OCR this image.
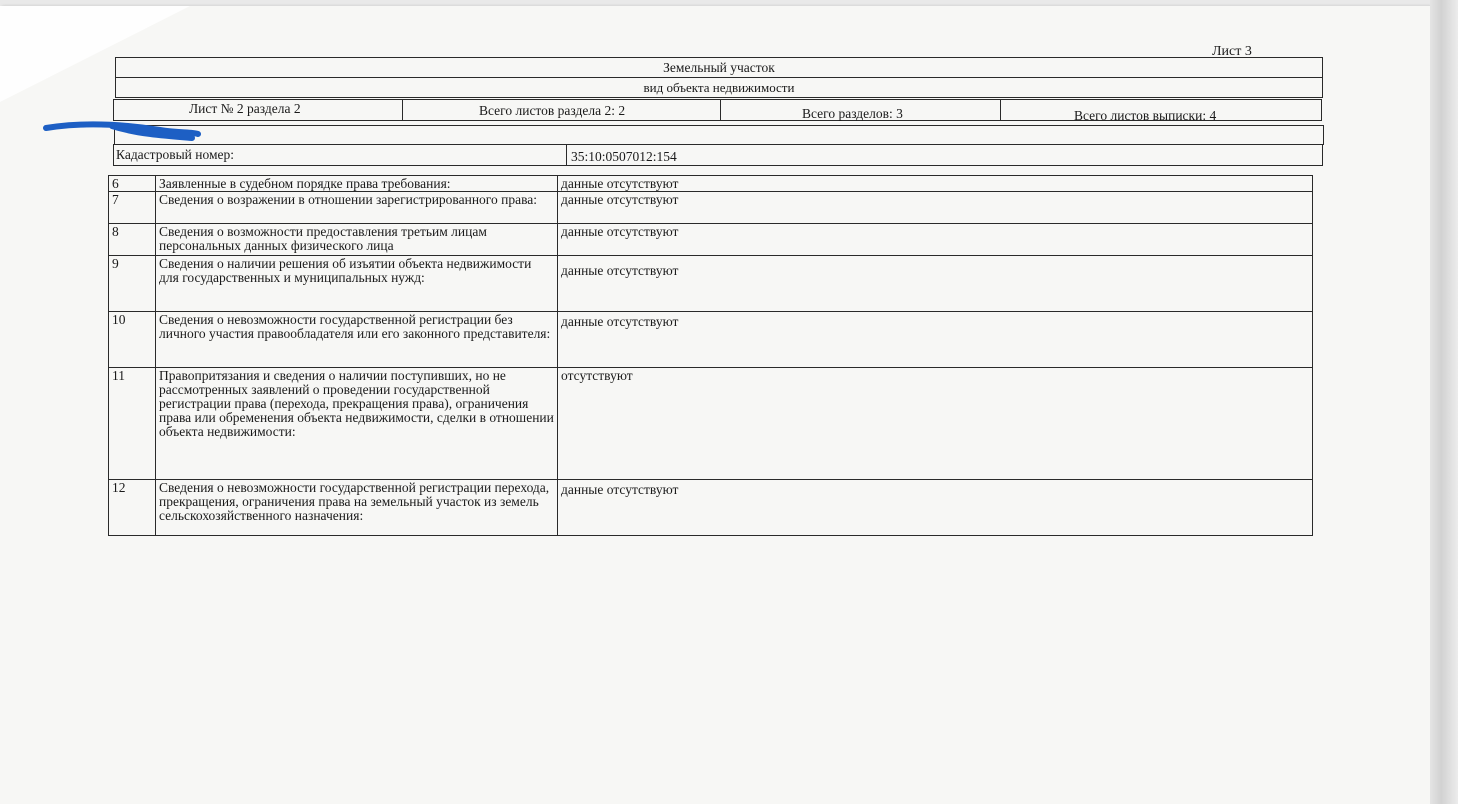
Лист 3
Земельный участок
вид объекта недвижимости
Лист № 2 раздела 2	Всего листов раздела 2: 2	Всего разделов: 3	Всего листов выписки: 4
Кадастровый номер:	35:10:0507012:154
6	Заявленные в судебном порядке права требования:	данные отсутствуют
7	Сведения о возражении в отношении зарегистрированного права:	данные отсутствуют
8	Сведения о возможности предоставления третьим лицам персональных данных физического лица	данные отсутствуют
9	Сведения о наличии решения об изъятии объекта недвижимости для государственных и муниципальных нужд:	данные отсутствуют
10	Сведения о невозможности государственной регистрации без личного участия правообладателя или его законного представителя:	данные отсутствуют
11	Правопритязания и сведения о наличии поступивших, но не рассмотренных заявлений о проведении государственной регистрации права (перехода, прекращения права), ограничения права или обременения объекта недвижимости, сделки в отношении объекта недвижимости:	отсутствуют
12	Сведения о невозможности государственной регистрации перехода, прекращения, ограничения права на земельный участок из земель сельскохозяйственного назначения:	данные отсутствуют
